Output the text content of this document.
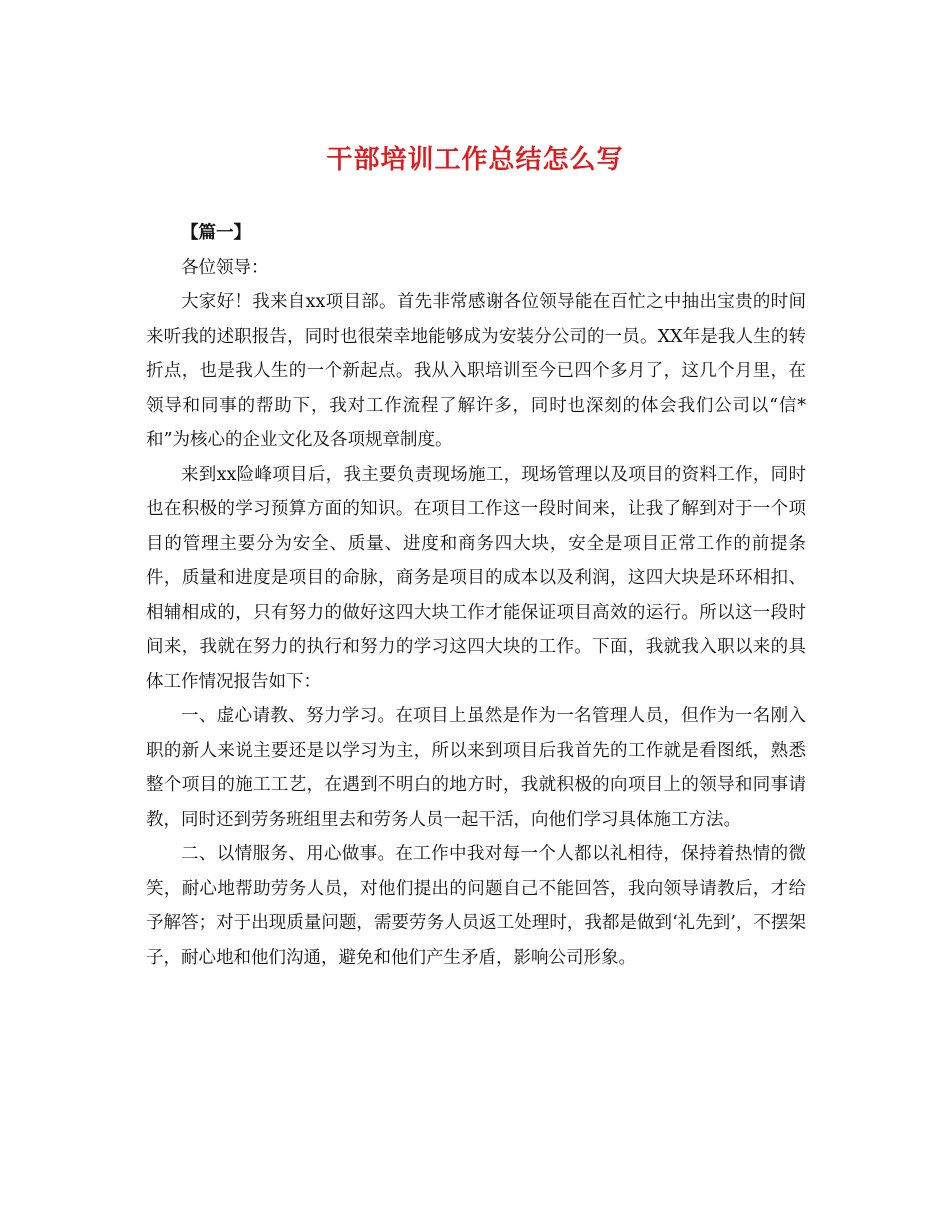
干部培训工作总结怎么写

【篇一】

各位领导：

大家好！我来自xx项目部。首先非常感谢各位领导能在百忙之中抽出宝贵的时间来听我的述职报告，同时也很荣幸地能够成为安装分公司的一员。XX年是我人生的转折点，也是我人生的一个新起点。我从入职培训至今已四个多月了，这几个月里，在领导和同事的帮助下，我对工作流程了解许多，同时也深刻的体会我们公司以“信*和”为核心的企业文化及各项规章制度。

来到xx险峰项目后，我主要负责现场施工，现场管理以及项目的资料工作，同时也在积极的学习预算方面的知识。在项目工作这一段时间来，让我了解到对于一个项目的管理主要分为安全、质量、进度和商务四大块，安全是项目正常工作的前提条件，质量和进度是项目的命脉，商务是项目的成本以及利润，这四大块是环环相扣、相辅相成的，只有努力的做好这四大块工作才能保证项目高效的运行。所以这一段时间来，我就在努力的执行和努力的学习这四大块的工作。下面，我就我入职以来的具体工作情况报告如下：

一、虚心请教、努力学习。在项目上虽然是作为一名管理人员，但作为一名刚入职的新人来说主要还是以学习为主，所以来到项目后我首先的工作就是看图纸，熟悉整个项目的施工工艺，在遇到不明白的地方时，我就积极的向项目上的领导和同事请教，同时还到劳务班组里去和劳务人员一起干活，向他们学习具体施工方法。

二、以情服务、用心做事。在工作中我对每一个人都以礼相待，保持着热情的微笑，耐心地帮助劳务人员，对他们提出的问题自己不能回答，我向领导请教后，才给予解答；对于出现质量问题，需要劳务人员返工处理时，我都是做到‘礼先到’，不摆架子，耐心地和他们沟通，避免和他们产生矛盾，影响公司形象。
